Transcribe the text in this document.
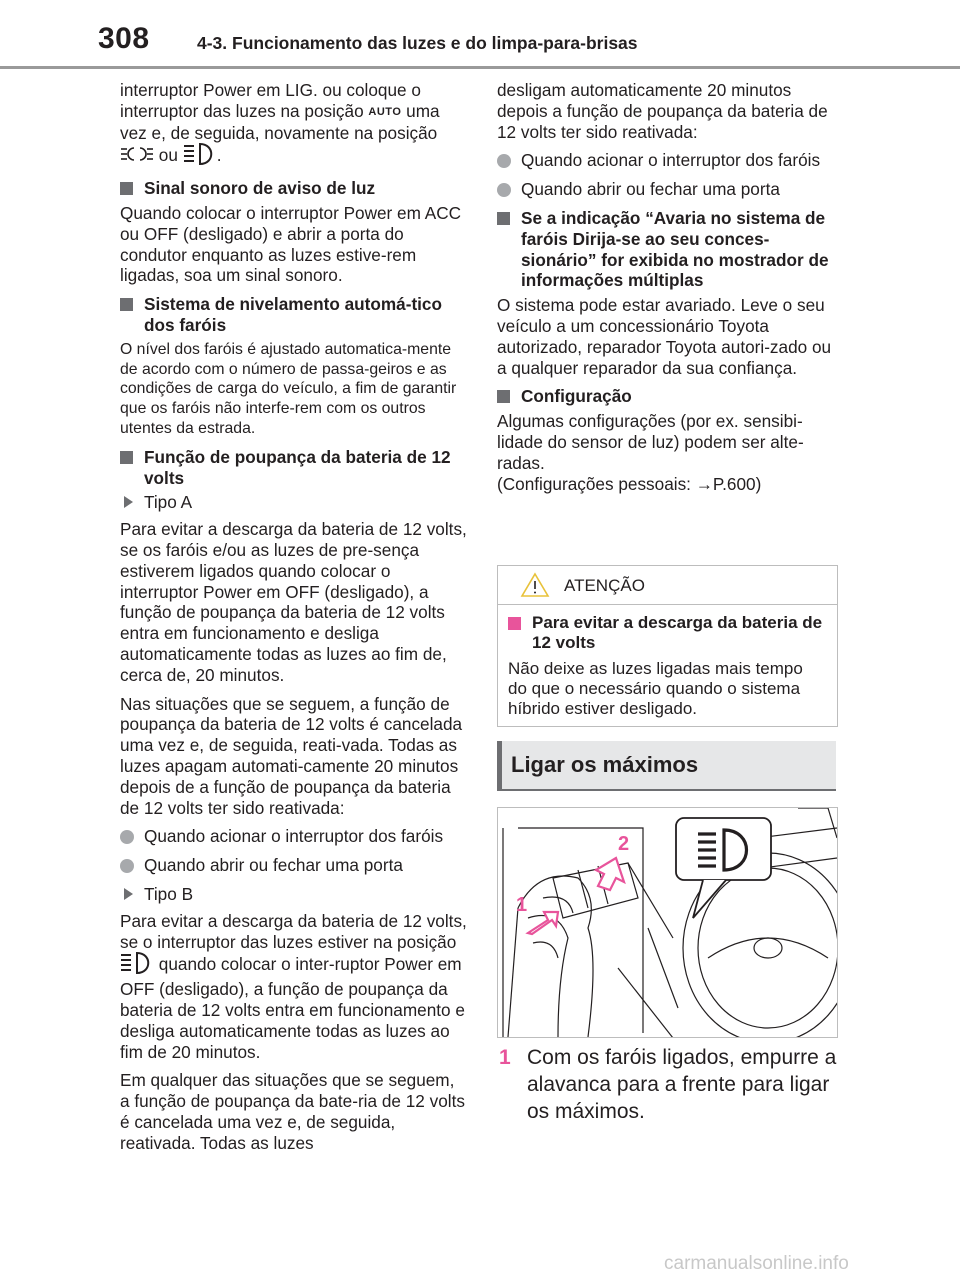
308	4-3. Funcionamento das luzes e do limpa-para-brisas

interruptor Power em LIG. ou coloque o interruptor das luzes na posição AUTO uma vez e, de seguida, novamente na posição  ou .

Sinal sonoro de aviso de luz

Quando colocar o interruptor Power em ACC ou OFF (desligado) e abrir a porta do condutor enquanto as luzes estive-rem ligadas, soa um sinal sonoro.

Sistema de nivelamento automá-tico dos faróis

O nível dos faróis é ajustado automatica-mente de acordo com o número de passa-geiros e as condições de carga do veículo, a fim de garantir que os faróis não interfe-rem com os outros utentes da estrada.

Função de poupança da bateria de 12 volts
Tipo A

Para evitar a descarga da bateria de 12 volts, se os faróis e/ou as luzes de pre-sença estiverem ligados quando colocar o interruptor Power em OFF (desligado), a função de poupança da bateria de 12 volts entra em funcionamento e desliga automaticamente todas as luzes ao fim de, cerca de, 20 minutos.

Nas situações que se seguem, a função de poupança da bateria de 12 volts é cancelada uma vez e, de seguida, reati-vada. Todas as luzes apagam automati-camente 20 minutos depois de a função de poupança da bateria de 12 volts ter sido reativada:

Quando acionar o interruptor dos faróis
Quando abrir ou fechar uma porta
Tipo B

Para evitar a descarga da bateria de 12 volts, se o interruptor das luzes estiver na posição  quando colocar o inter-ruptor Power em OFF (desligado), a função de poupança da bateria de 12 volts entra em funcionamento e desliga automaticamente todas as luzes ao fim de 20 minutos.

Em qualquer das situações que se seguem, a função de poupança da bate-ria de 12 volts é cancelada uma vez e, de seguida, reativada. Todas as luzes

desligam automaticamente 20 minutos depois a função de poupança da bateria de 12 volts ter sido reativada:

Quando acionar o interruptor dos faróis
Quando abrir ou fechar uma porta
Se a indicação “Avaria no sistema de faróis Dirija-se ao seu conces-sionário” for exibida no mostrador de informações múltiplas

O sistema pode estar avariado. Leve o seu veículo a um concessionário Toyota autorizado, reparador Toyota autori-zado ou a qualquer reparador da sua confiança.

Configuração

Algumas configurações (por ex. sensibi-lidade do sensor de luz) podem ser alte-radas.

(Configurações pessoais: →P.600)

ATENÇÃO
Para evitar a descarga da bateria de 12 volts
Não deixe as luzes ligadas mais tempo do que o necessário quando o sistema híbrido estiver desligado.
Ligar os máximos
2
1
1 Com os faróis ligados, empurre a alavanca para a frente para ligar os máximos.
carmanualsonline.info
